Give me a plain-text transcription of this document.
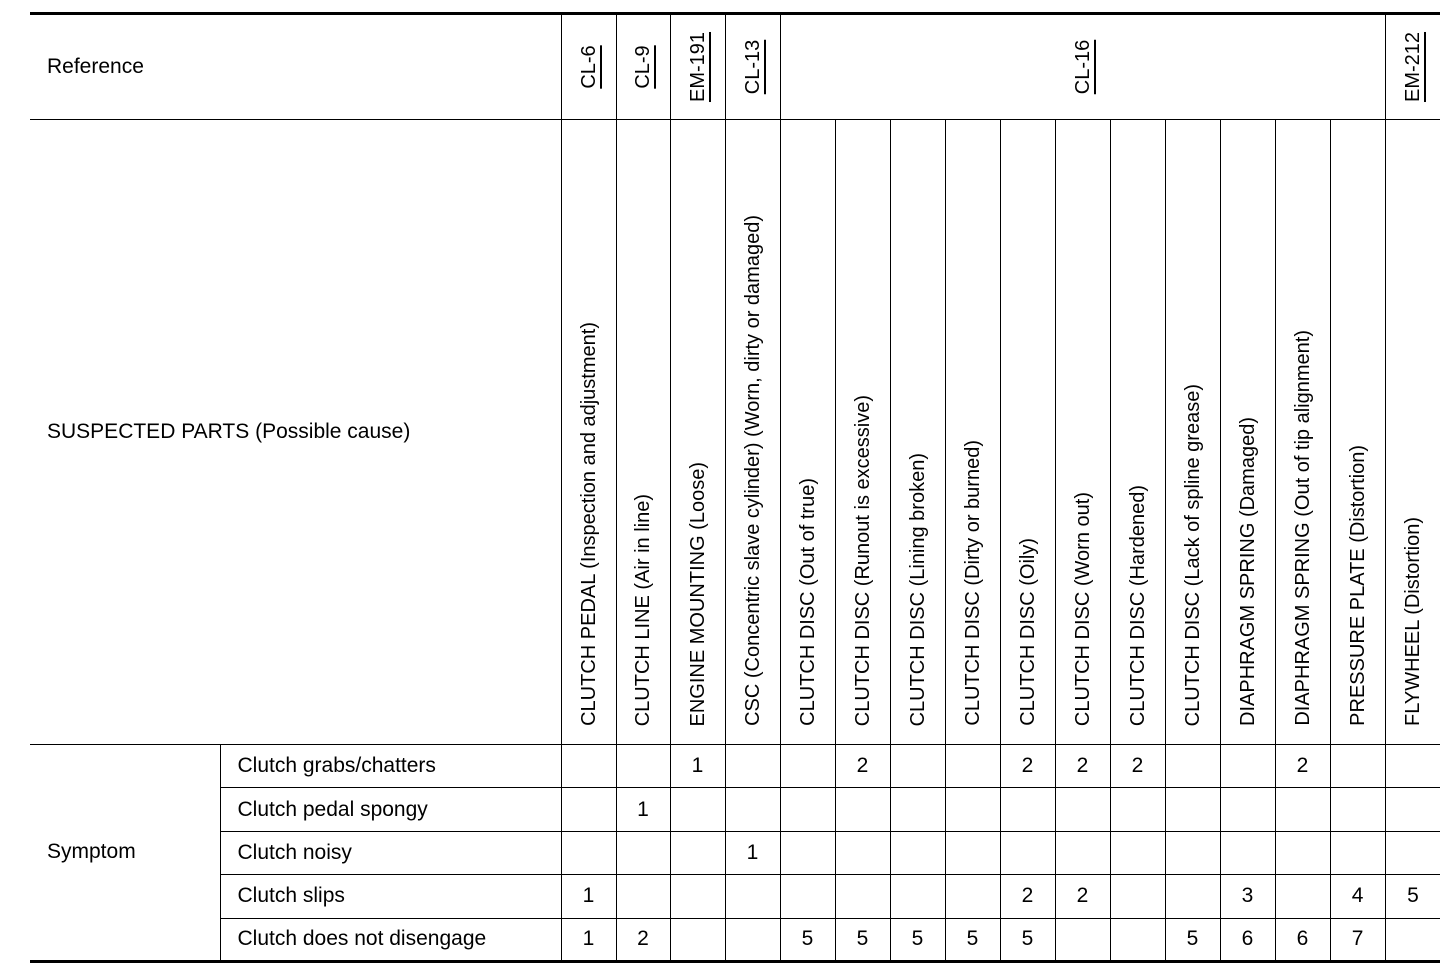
Reference		CL-6	CL-9	EM-191	CL-13	CL-16											EM-212

SUSPECTED PARTS (Possible cause)		CLUTCH PEDAL (Inspection and adjustment)	CLUTCH LINE (Air in line)	ENGINE MOUNTING (Loose)	CSC (Concentric slave cylinder) (Worn, dirty or damaged)	CLUTCH DISC (Out of true)	CLUTCH DISC (Runout is excessive)	CLUTCH DISC (Lining broken)	CLUTCH DISC (Dirty or burned)	CLUTCH DISC (Oily)	CLUTCH DISC (Worn out)	CLUTCH DISC (Hardened)	CLUTCH DISC (Lack of spline grease)	DIAPHRAGM SPRING (Damaged)	DIAPHRAGM SPRING (Out of tip alignment)	PRESSURE PLATE (Distortion)	FLYWHEEL (Distortion)

Symptom	Clutch grabs/chatters			1			2			2	2	2			2		
	Clutch pedal spongy		1														
	Clutch noisy				1												
	Clutch slips	1								2	2			3		4	5
	Clutch does not disengage	1	2			5	5	5	5	5			5	6	6	7	
